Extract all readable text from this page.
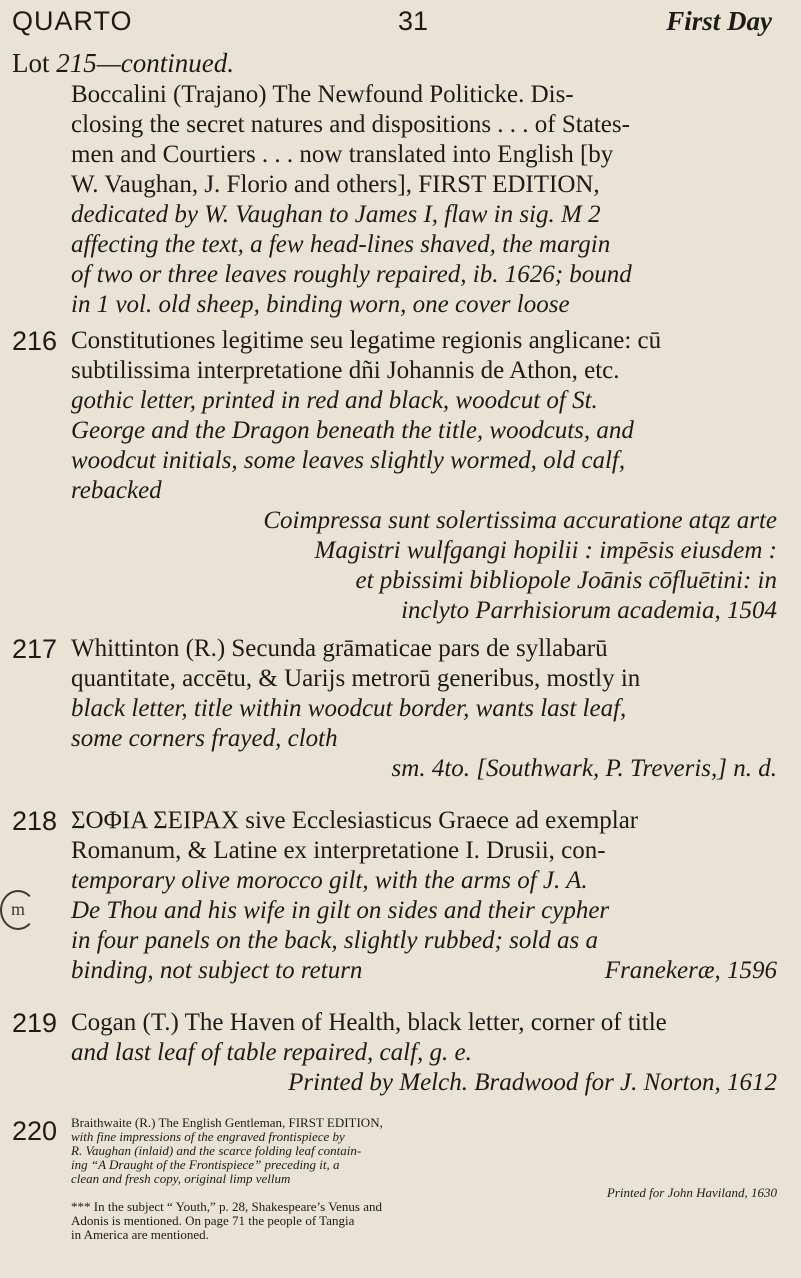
QUARTO	31	First Day
Lot 215—continued.
Boccalini (Trajano) The Newfound Politicke. Dis-
closing the secret natures and dispositions . . . of States-
men and Courtiers . . . now translated into English [by
W. Vaughan, J. Florio and others], FIRST EDITION,
dedicated by W. Vaughan to James I, flaw in sig. M 2
affecting the text, a few head-lines shaved, the margin
of two or three leaves roughly repaired, ib. 1626; bound
in 1 vol. old sheep, binding worn, one cover loose
216 Constitutiones legitime seu legatime regionis anglicane: cū
subtilissima interpretatione dñi Johannis de Athon, etc.
gothic letter, printed in red and black, woodcut of St.
George and the Dragon beneath the title, woodcuts, and
woodcut initials, some leaves slightly wormed, old calf,
rebacked
Coimpressa sunt solertissima accuratione atqz arte
Magistri wulfgangi hopilii : impēsis eiusdem :
et pbissimi bibliopole Joānis cōfluētini: in
inclyto Parrhisiorum academia, 1504
217 Whittinton (R.) Secunda grāmaticae pars de syllabarū
quantitate, accētu, & Uarijs metrorū generibus, mostly in
black letter, title within woodcut border, wants last leaf,
some corners frayed, cloth
sm. 4to. [Southwark, P. Treveris,] n. d.
218 ΣΟΦΙΑ ΣΕΙΡΑΧ sive Ecclesiasticus Graece ad exemplar
Romanum, & Latine ex interpretatione I. Drusii, con-
temporary olive morocco gilt, with the arms of J. A.
De Thou and his wife in gilt on sides and their cypher
in four panels on the back, slightly rubbed; sold as a
binding, not subject to return	Franekeræ, 1596
m
219 Cogan (T.) The Haven of Health, black letter, corner of title
and last leaf of table repaired, calf, g. e.
Printed by Melch. Bradwood for J. Norton, 1612
220	Braithwaite (R.) The English Gentleman, FIRST EDITION,
with fine impressions of the engraved frontispiece by
R. Vaughan (inlaid) and the scarce folding leaf contain-
ing “A Draught of the Frontispiece” preceding it, a
clean and fresh copy, original limp vellum
Printed for John Haviland, 1630
*** In the subject “ Youth,” p. 28, Shakespeare’s Venus and
Adonis is mentioned. On page 71 the people of Tangia
in America are mentioned.
